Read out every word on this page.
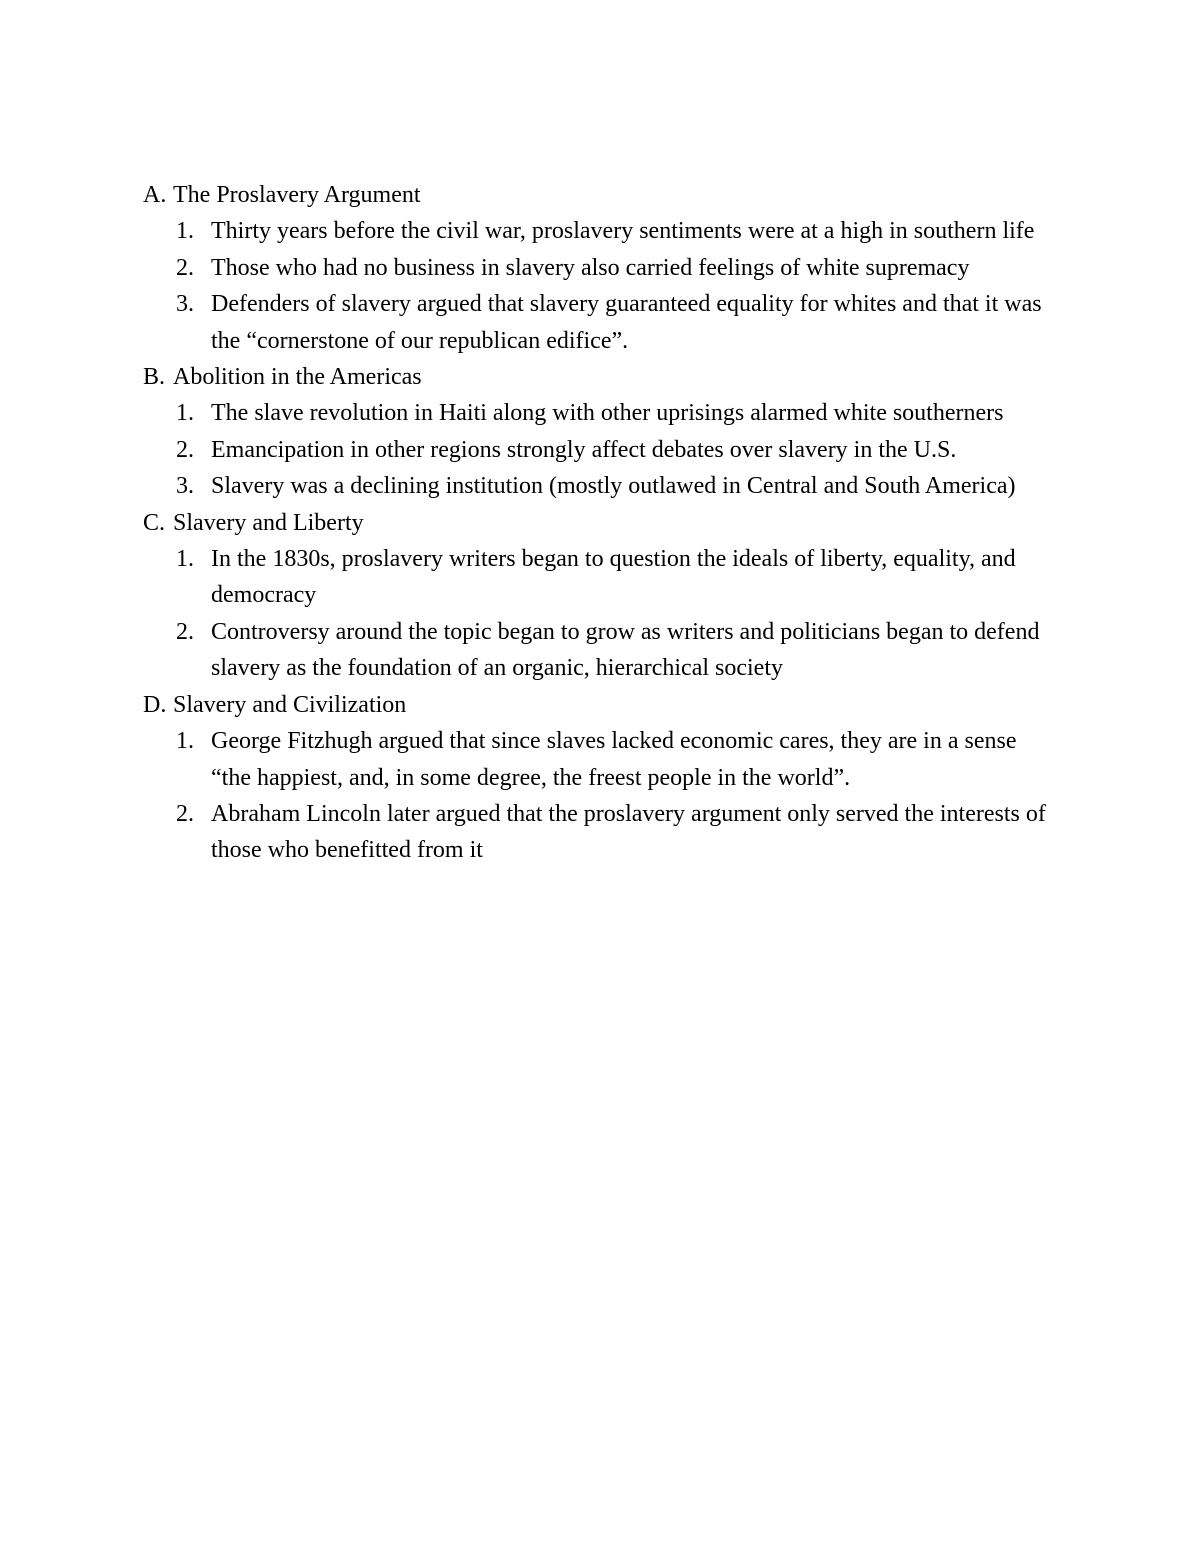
A. The Proslavery Argument
1. Thirty years before the civil war, proslavery sentiments were at a high in southern life
2. Those who had no business in slavery also carried feelings of white supremacy
3. Defenders of slavery argued that slavery guaranteed equality for whites and that it was the “cornerstone of our republican edifice”.
B. Abolition in the Americas
1. The slave revolution in Haiti along with other uprisings alarmed white southerners
2. Emancipation in other regions strongly affect debates over slavery in the U.S.
3. Slavery was a declining institution (mostly outlawed in Central and South America)
C. Slavery and Liberty
1. In the 1830s, proslavery writers began to question the ideals of liberty, equality, and democracy
2. Controversy around the topic began to grow as writers and politicians began to defend slavery as the foundation of an organic, hierarchical society
D. Slavery and Civilization
1. George Fitzhugh argued that since slaves lacked economic cares, they are in a sense “the happiest, and, in some degree, the freest people in the world”.
2. Abraham Lincoln later argued that the proslavery argument only served the interests of those who benefitted from it
